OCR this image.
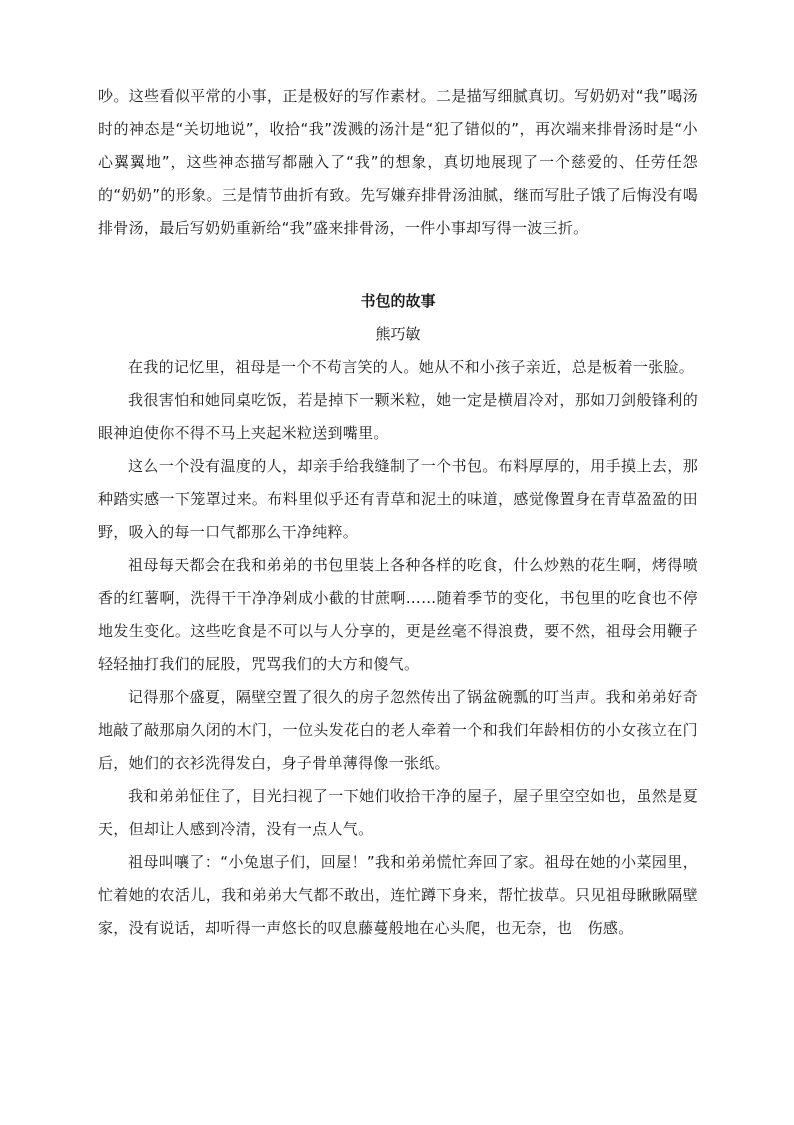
吵。这些看似平常的小事，正是极好的写作素材。二是描写细腻真切。写奶奶对“我”喝汤时的神态是“关切地说”，收拾“我”泼溅的汤汁是“犯了错似的”，再次端来排骨汤时是“小心翼翼地”，这些神态描写都融入了“我”的想象，真切地展现了一个慈爱的、任劳任怨的“奶奶”的形象。三是情节曲折有致。先写嫌弃排骨汤油腻，继而写肚子饿了后悔没有喝排骨汤，最后写奶奶重新给“我”盛来排骨汤，一件小事却写得一波三折。

书包的故事

熊巧敏

在我的记忆里，祖母是一个不苟言笑的人。她从不和小孩子亲近，总是板着一张脸。

我很害怕和她同桌吃饭，若是掉下一颗米粒，她一定是横眉冷对，那如刀剑般锋利的眼神迫使你不得不马上夹起米粒送到嘴里。

这么一个没有温度的人，却亲手给我缝制了一个书包。布料厚厚的，用手摸上去，那种踏实感一下笼罩过来。布料里似乎还有青草和泥土的味道，感觉像置身在青草盈盈的田野，吸入的每一口气都那么干净纯粹。

祖母每天都会在我和弟弟的书包里装上各种各样的吃食，什么炒熟的花生啊，烤得喷香的红薯啊，洗得干干净净剁成小截的甘蔗啊……随着季节的变化，书包里的吃食也不停地发生变化。这些吃食是不可以与人分享的，更是丝毫不得浪费，要不然，祖母会用鞭子轻轻抽打我们的屁股，咒骂我们的大方和傻气。

记得那个盛夏，隔壁空置了很久的房子忽然传出了锅盆碗瓢的叮当声。我和弟弟好奇地敲了敲那扇久闭的木门，一位头发花白的老人牵着一个和我们年龄相仿的小女孩立在门后，她们的衣衫洗得发白，身子骨单薄得像一张纸。

我和弟弟怔住了，目光扫视了一下她们收拾干净的屋子，屋子里空空如也，虽然是夏天，但却让人感到冷清，没有一点人气。

祖母叫嚷了：“小兔崽子们，回屋！”我和弟弟慌忙奔回了家。祖母在她的小菜园里，忙着她的农活儿，我和弟弟大气都不敢出，连忙蹲下身来，帮忙拔草。只见祖母瞅瞅隔壁家，没有说话，却听得一声悠长的叹息藤蔓般地在心头爬，也无奈，也　伤感。
